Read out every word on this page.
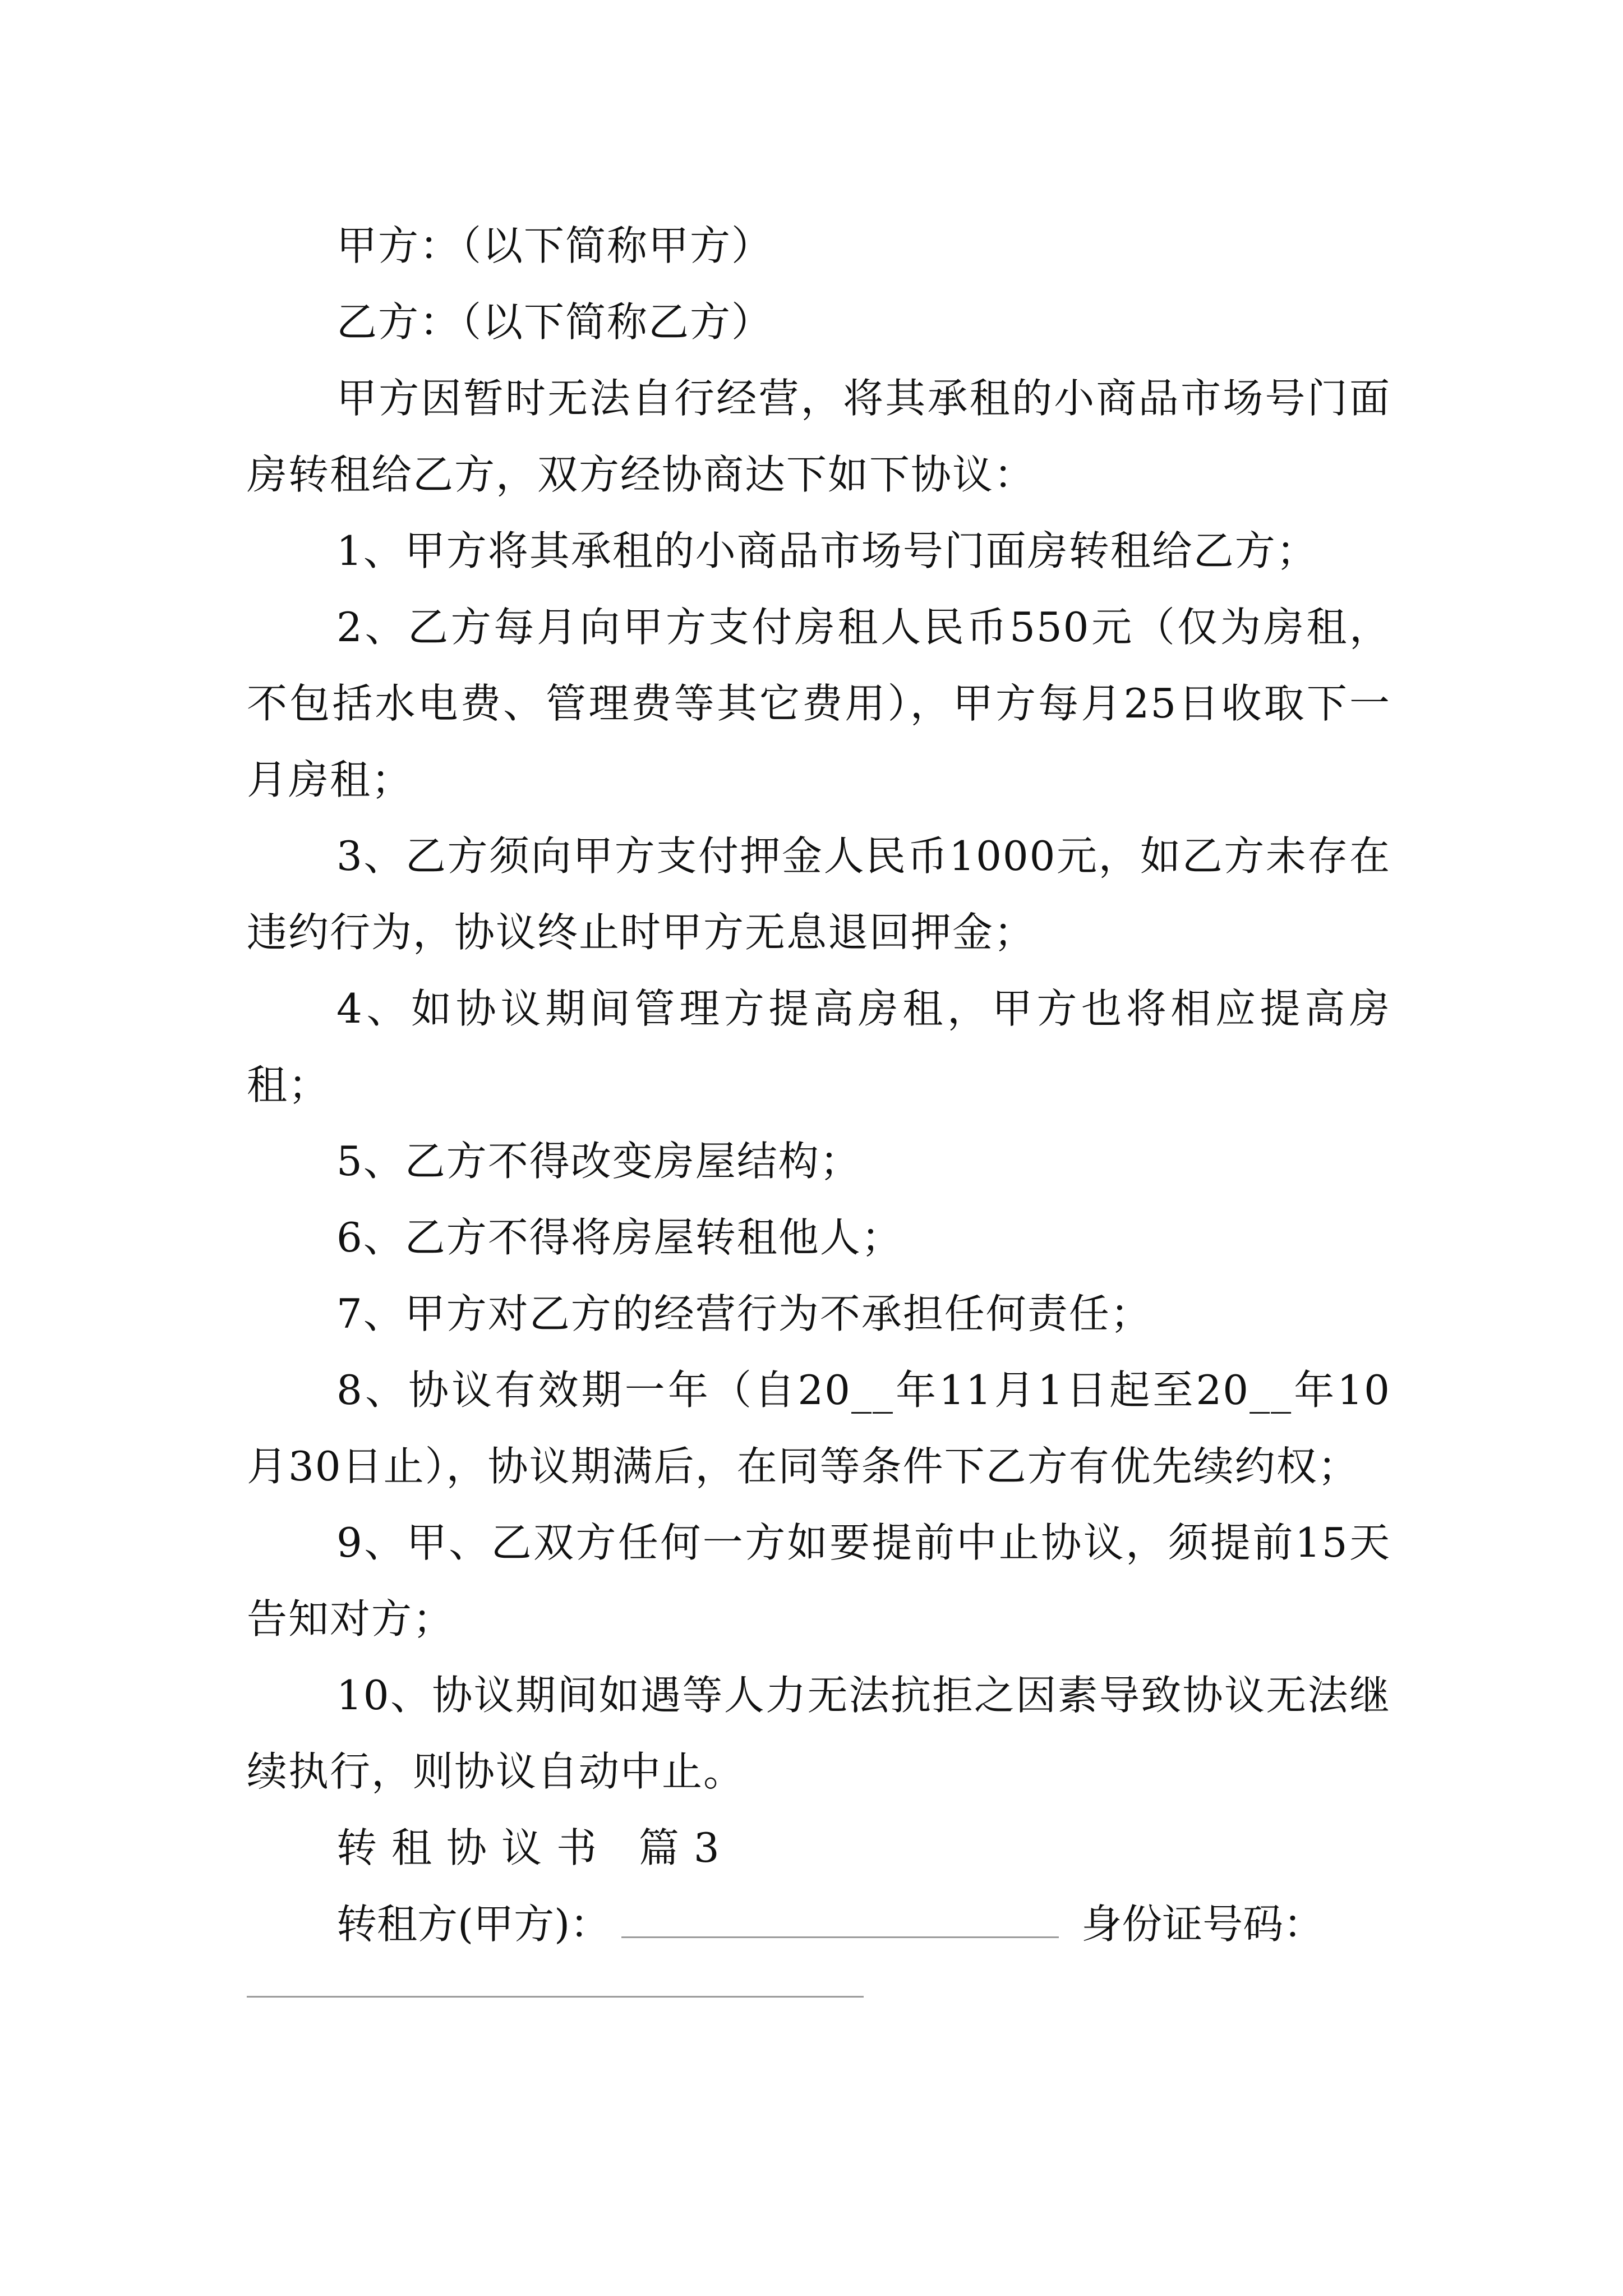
甲方：（以下简称甲方）

乙方：（以下简称乙方）

甲方因暂时无法自行经营，将其承租的小商品市场号门面房转租给乙方，双方经协商达下如下协议：

1、甲方将其承租的小商品市场号门面房转租给乙方；

2、乙方每月向甲方支付房租人民币550元（仅为房租，不包括水电费、管理费等其它费用），甲方每月25日收取下一月房租；

3、乙方须向甲方支付押金人民币1000元，如乙方未存在违约行为，协议终止时甲方无息退回押金；

4、如协议期间管理方提高房租，甲方也将相应提高房租；

5、乙方不得改变房屋结构；

6、乙方不得将房屋转租他人；

7、甲方对乙方的经营行为不承担任何责任；

8、协议有效期一年（自20__年11月1日起至20__年10月30日止），协议期满后，在同等条件下乙方有优先续约权；

9、甲、乙双方任何一方如要提前中止协议，须提前15天告知对方；

10、协议期间如遇等人力无法抗拒之因素导致协议无法继续执行，则协议自动中止。

转租协议书 篇3

转租方(甲方)：	身份证号码：
